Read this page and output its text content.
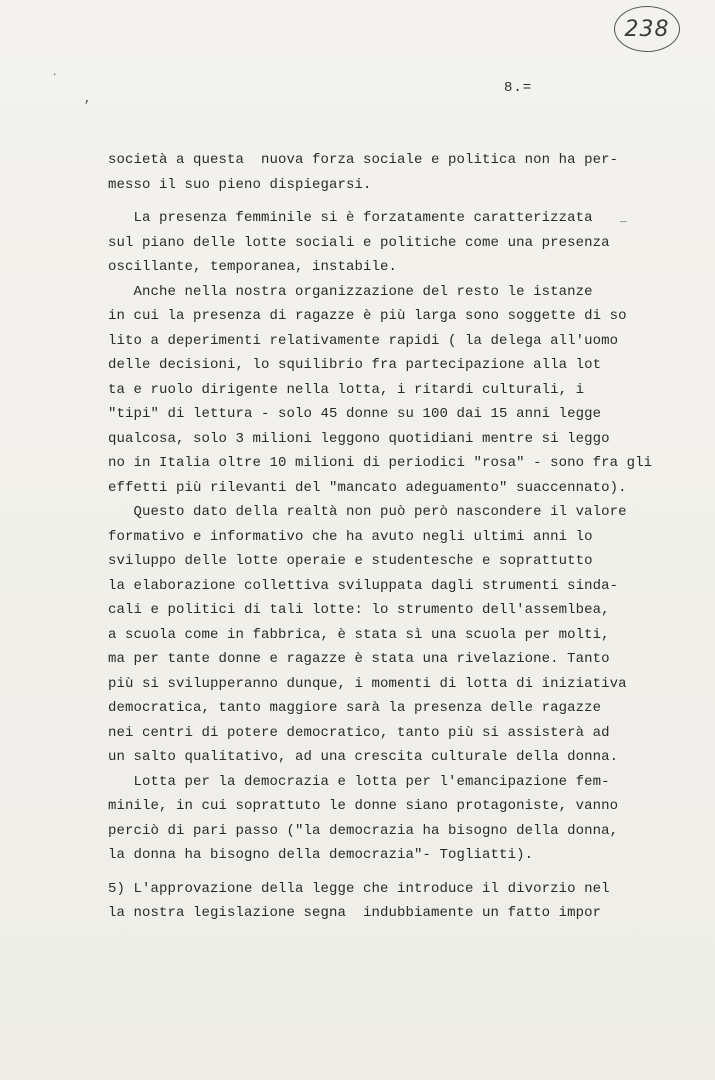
238
8.=
,
·
‾
società a questa  nuova forza sociale e politica non ha per-
messo il suo pieno dispiegarsi.
La presenza femminile si è forzatamente caratterizzata
sul piano delle lotte sociali e politiche come una presenza
oscillante, temporanea, instabile.
Anche nella nostra organizzazione del resto le istanze
in cui la presenza di ragazze è più larga sono soggette di so
lito a deperimenti relativamente rapidi ( la delega all'uomo
delle decisioni, lo squilibrio fra partecipazione alla lot
ta e ruolo dirigente nella lotta, i ritardi culturali, i
"tipi" di lettura - solo 45 donne su 100 dai 15 anni legge
qualcosa, solo 3 milioni leggono quotidiani mentre si leggo
no in Italia oltre 10 milioni di periodici "rosa" - sono fra gli
effetti più rilevanti del "mancato adeguamento" suaccennato).
Questo dato della realtà non può però nascondere il valore
formativo e informativo che ha avuto negli ultimi anni lo
sviluppo delle lotte operaie e studentesche e soprattutto
la elaborazione collettiva sviluppata dagli strumenti sinda-
cali e politici di tali lotte: lo strumento dell'assemlbea,
a scuola come in fabbrica, è stata sì una scuola per molti,
ma per tante donne e ragazze è stata una rivelazione. Tanto
più si svilupperanno dunque, i momenti di lotta di iniziativa
democratica, tanto maggiore sarà la presenza delle ragazze
nei centri di potere democratico, tanto più si assisterà ad
un salto qualitativo, ad una crescita culturale della donna.
Lotta per la democrazia e lotta per l'emancipazione fem-
minile, in cui soprattuto le donne siano protagoniste, vanno
perciò di pari passo ("la democrazia ha bisogno della donna,
la donna ha bisogno della democrazia"- Togliatti).
5) L'approvazione della legge che introduce il divorzio nel
la nostra legislazione segna  indubbiamente un fatto impor
